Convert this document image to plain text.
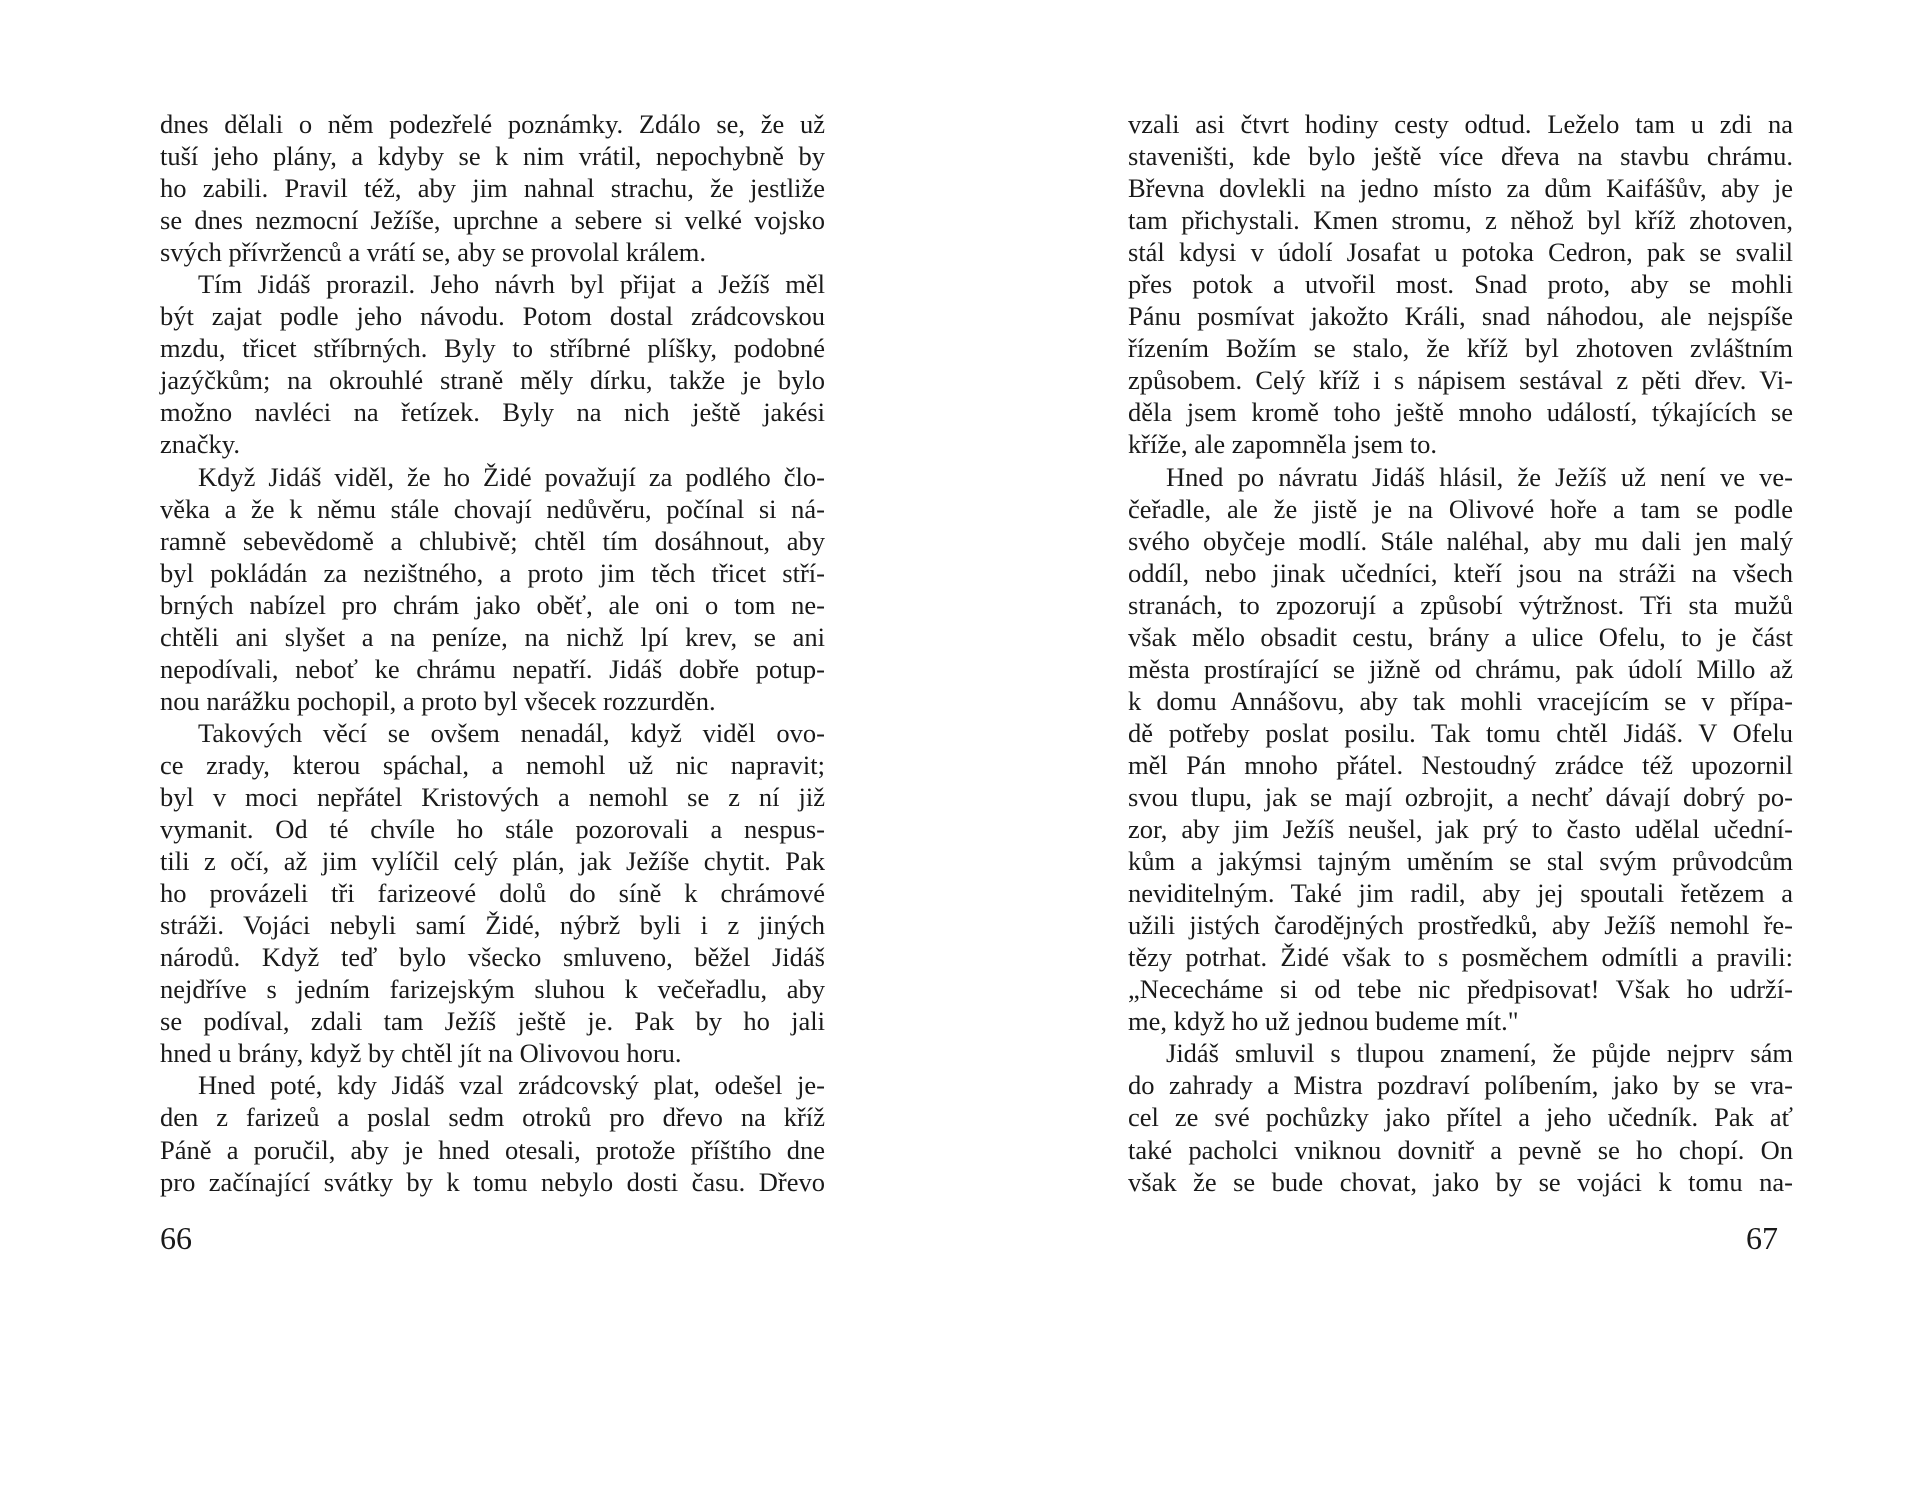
dnes dělali o něm podezřelé poznámky. Zdálo se, že už
tuší jeho plány, a kdyby se k nim vrátil, nepochybně by
ho zabili. Pravil též, aby jim nahnal strachu, že jestliže
se dnes nezmocní Ježíše, uprchne a sebere si velké vojsko
svých přívrženců a vrátí se, aby se provolal králem.
Tím Jidáš prorazil. Jeho návrh byl přijat a Ježíš měl
být zajat podle jeho návodu. Potom dostal zrádcovskou
mzdu, třicet stříbrných. Byly to stříbrné plíšky, podobné
jazýčkům; na okrouhlé straně měly dírku, takže je bylo
možno navléci na řetízek. Byly na nich ještě jakési
značky.
Když Jidáš viděl, že ho Židé považují za podlého člo-
věka a že k němu stále chovají nedůvěru, počínal si ná-
ramně sebevědomě a chlubivě; chtěl tím dosáhnout, aby
byl pokládán za nezištného, a proto jim těch třicet stří-
brných nabízel pro chrám jako oběť, ale oni o tom ne-
chtěli ani slyšet a na peníze, na nichž lpí krev, se ani
nepodívali, neboť ke chrámu nepatří. Jidáš dobře potup-
nou narážku pochopil, a proto byl všecek rozzurděn.
Takových věcí se ovšem nenadál, když viděl ovo-
ce zrady, kterou spáchal, a nemohl už nic napravit;
byl v moci nepřátel Kristových a nemohl se z ní již
vymanit. Od té chvíle ho stále pozorovali a nespus-
tili z očí, až jim vylíčil celý plán, jak Ježíše chytit. Pak
ho provázeli tři farizeové dolů do síně k chrámové
stráži. Vojáci nebyli samí Židé, nýbrž byli i z jiných
národů. Když teď bylo všecko smluveno, běžel Jidáš
nejdříve s jedním farizejským sluhou k večeřadlu, aby
se podíval, zdali tam Ježíš ještě je. Pak by ho jali
hned u brány, když by chtěl jít na Olivovou horu.
Hned poté, kdy Jidáš vzal zrádcovský plat, odešel je-
den z farizeů a poslal sedm otroků pro dřevo na kříž
Páně a poručil, aby je hned otesali, protože příštího dne
pro začínající svátky by k tomu nebylo dosti času. Dřevo
66
vzali asi čtvrt hodiny cesty odtud. Leželo tam u zdi na
staveništi, kde bylo ještě více dřeva na stavbu chrámu.
Břevna dovlekli na jedno místo za dům Kaifášův, aby je
tam přichystali. Kmen stromu, z něhož byl kříž zhotoven,
stál kdysi v údolí Josafat u potoka Cedron, pak se svalil
přes potok a utvořil most. Snad proto, aby se mohli
Pánu posmívat jakožto Králi, snad náhodou, ale nejspíše
řízením Božím se stalo, že kříž byl zhotoven zvláštním
způsobem. Celý kříž i s nápisem sestával z pěti dřev. Vi-
děla jsem kromě toho ještě mnoho událostí, týkajících se
kříže, ale zapomněla jsem to.
Hned po návratu Jidáš hlásil, že Ježíš už není ve ve-
čeřadle, ale že jistě je na Olivové hoře a tam se podle
svého obyčeje modlí. Stále naléhal, aby mu dali jen malý
oddíl, nebo jinak učedníci, kteří jsou na stráži na všech
stranách, to zpozorují a způsobí výtržnost. Tři sta mužů
však mělo obsadit cestu, brány a ulice Ofelu, to je část
města prostírající se jižně od chrámu, pak údolí Millo až
k domu Annášovu, aby tak mohli vracejícím se v přípa-
dě potřeby poslat posilu. Tak tomu chtěl Jidáš. V Ofelu
měl Pán mnoho přátel. Nestoudný zrádce též upozornil
svou tlupu, jak se mají ozbrojit, a nechť dávají dobrý po-
zor, aby jim Ježíš neušel, jak prý to často udělal učední-
kům a jakýmsi tajným uměním se stal svým průvodcům
neviditelným. Také jim radil, aby jej spoutali řetězem a
užili jistých čarodějných prostředků, aby Ježíš nemohl ře-
tězy potrhat. Židé však to s posměchem odmítli a pravili:
„Nececháme si od tebe nic předpisovat! Však ho udrží-
me, když ho už jednou budeme mít."
Jidáš smluvil s tlupou znamení, že půjde nejprv sám
do zahrady a Mistra pozdraví políbením, jako by se vra-
cel ze své pochůzky jako přítel a jeho učedník. Pak ať
také pacholci vniknou dovnitř a pevně se ho chopí. On
však že se bude chovat, jako by se vojáci k tomu na-
67
